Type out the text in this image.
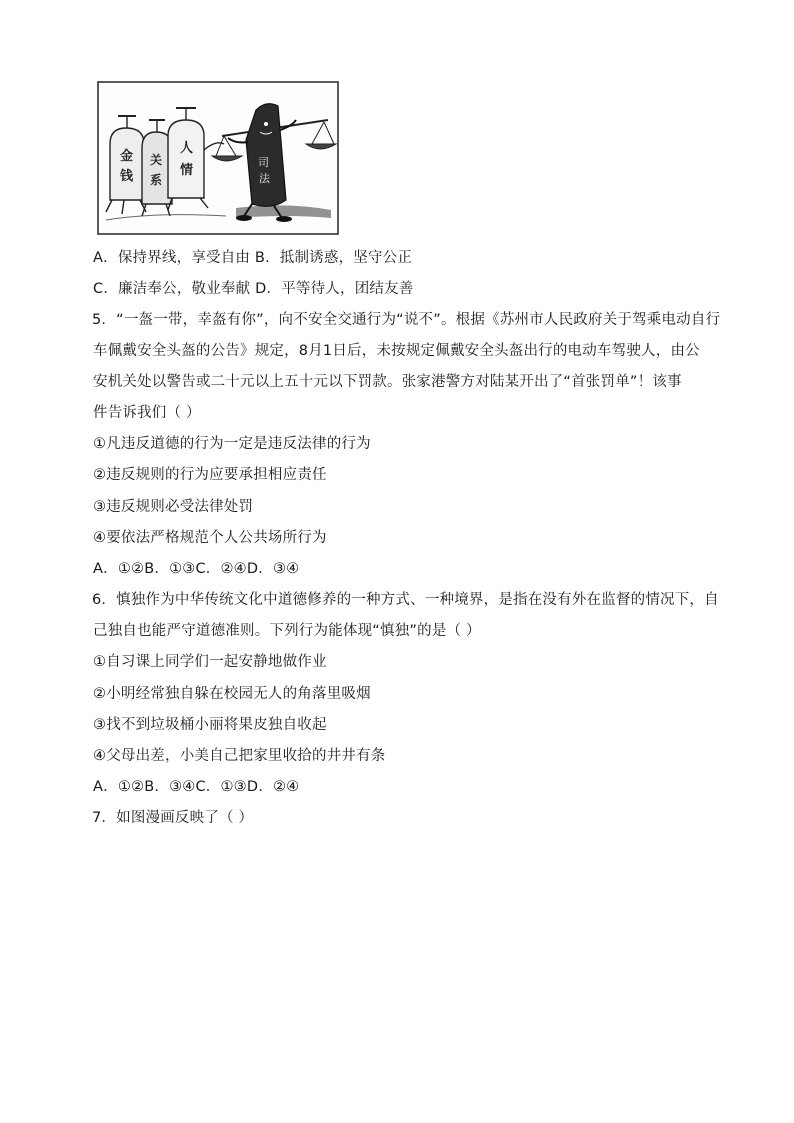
司
法
金
钱
关
系
人
情
A．保持界线，享受自由 B．抵制诱惑，坚守公正
C．廉洁奉公，敬业奉献 D．平等待人，团结友善
5．“一盔一带，幸盔有你”，向不安全交通行为“说不”。根据《苏州市人民政府关于驾乘电动自行
车佩戴安全头盔的公告》规定，8月1日后，未按规定佩戴安全头盔出行的电动车驾驶人，由公
安机关处以警告或二十元以上五十元以下罚款。张家港警方对陆某开出了“首张罚单”！该事
件告诉我们（ ）
①凡违反道德的行为一定是违反法律的行为
②违反规则的行为应要承担相应责任
③违反规则必受法律处罚
④要依法严格规范个人公共场所行为
A．①②B．①③C．②④D．③④
6．慎独作为中华传统文化中道德修养的一种方式、一种境界，是指在没有外在监督的情况下，自
己独自也能严守道德准则。下列行为能体现“慎独”的是（ ）
①自习课上同学们一起安静地做作业
②小明经常独自躲在校园无人的角落里吸烟
③找不到垃圾桶小丽将果皮独自收起
④父母出差，小美自己把家里收拾的井井有条
A．①②B．③④C．①③D．②④
7．如图漫画反映了（ ）
